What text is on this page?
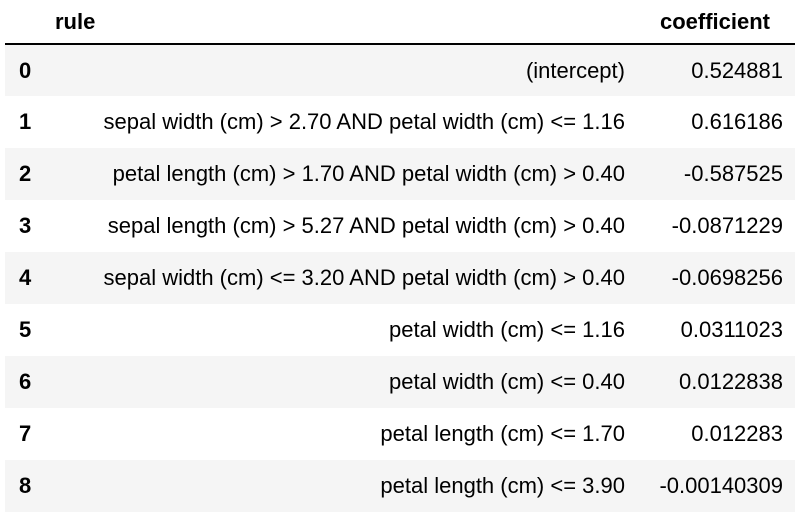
	rule	coefficient
0	(intercept)	0.524881
1	sepal width (cm) > 2.70 AND petal width (cm) <= 1.16	0.616186
2	petal length (cm) > 1.70 AND petal width (cm) > 0.40	-0.587525
3	sepal length (cm) > 5.27 AND petal width (cm) > 0.40	-0.0871229
4	sepal width (cm) <= 3.20 AND petal width (cm) > 0.40	-0.0698256
5	petal width (cm) <= 1.16	0.0311023
6	petal width (cm) <= 0.40	0.0122838
7	petal length (cm) <= 1.70	0.012283
8	petal length (cm) <= 3.90	-0.00140309
